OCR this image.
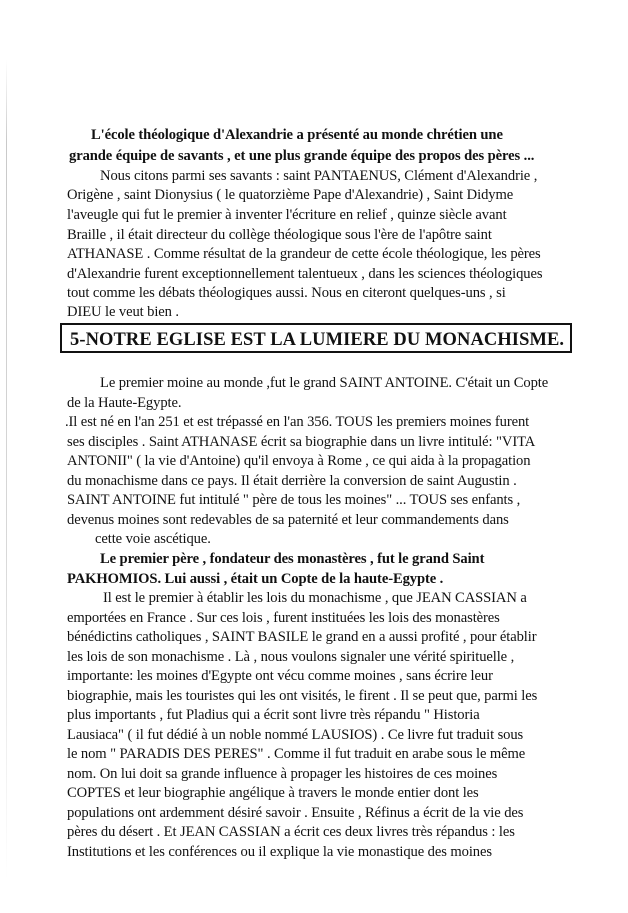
L'école théologique d'Alexandrie a présenté au monde chrétien une
grande équipe de savants , et une plus grande équipe des propos des pères ...
Nous citons parmi ses savants : saint PANTAENUS, Clément d'Alexandrie ,
Origène , saint Dionysius ( le quatorzième Pape d'Alexandrie) , Saint Didyme
l'aveugle qui fut le premier à inventer l'écriture en relief , quinze siècle avant
Braille , il était directeur du collège théologique sous l'ère de l'apôtre saint
ATHANASE . Comme résultat de la grandeur de cette école théologique, les pères
d'Alexandrie furent exceptionnellement talentueux , dans les sciences théologiques
tout comme les débats théologiques aussi. Nous en citeront quelques-uns , si
DIEU le veut bien .
5-NOTRE EGLISE EST LA LUMIERE DU MONACHISME.
Le premier moine au monde ,fut le grand SAINT ANTOINE. C'était un Copte
de la Haute-Egypte.
.Il est né en l'an 251 et est trépassé en l'an 356. TOUS les premiers moines furent
ses disciples . Saint ATHANASE écrit sa biographie dans un livre intitulé: "VITA
ANTONII" ( la vie d'Antoine) qu'il envoya à Rome , ce qui aida à la propagation
du monachisme dans ce pays. Il était derrière la conversion de saint Augustin .
SAINT ANTOINE fut intitulé " père de tous les moines" ... TOUS ses enfants ,
devenus moines sont redevables de sa paternité et leur commandements dans
cette voie ascétique.
Le premier père , fondateur des monastères , fut le grand Saint
PAKHOMIOS. Lui aussi , était un Copte de la haute-Egypte .
Il est le premier à établir les lois du monachisme , que JEAN CASSIAN a
emportées en France . Sur ces lois , furent instituées les lois des monastères
bénédictins catholiques , SAINT BASILE le grand en a aussi profité , pour établir
les lois de son monachisme . Là , nous voulons signaler une vérité spirituelle ,
importante: les moines d'Egypte ont vécu comme moines , sans écrire leur
biographie, mais les touristes qui les ont visités, le firent . Il se peut que, parmi les
plus importants , fut Pladius qui a écrit sont livre très répandu " Historia
Lausiaca" ( il fut dédié à un noble nommé LAUSIOS) . Ce livre fut traduit sous
le nom " PARADIS DES PERES" . Comme il fut traduit en arabe sous le même
nom. On lui doit sa grande influence à propager les histoires de ces moines
COPTES et leur biographie angélique à travers le monde entier dont les
populations ont ardemment désiré savoir . Ensuite , Réfinus a écrit de la vie des
pères du désert . Et JEAN CASSIAN a écrit ces deux livres très répandus : les
Institutions et les conférences ou il explique la vie monastique des moines
